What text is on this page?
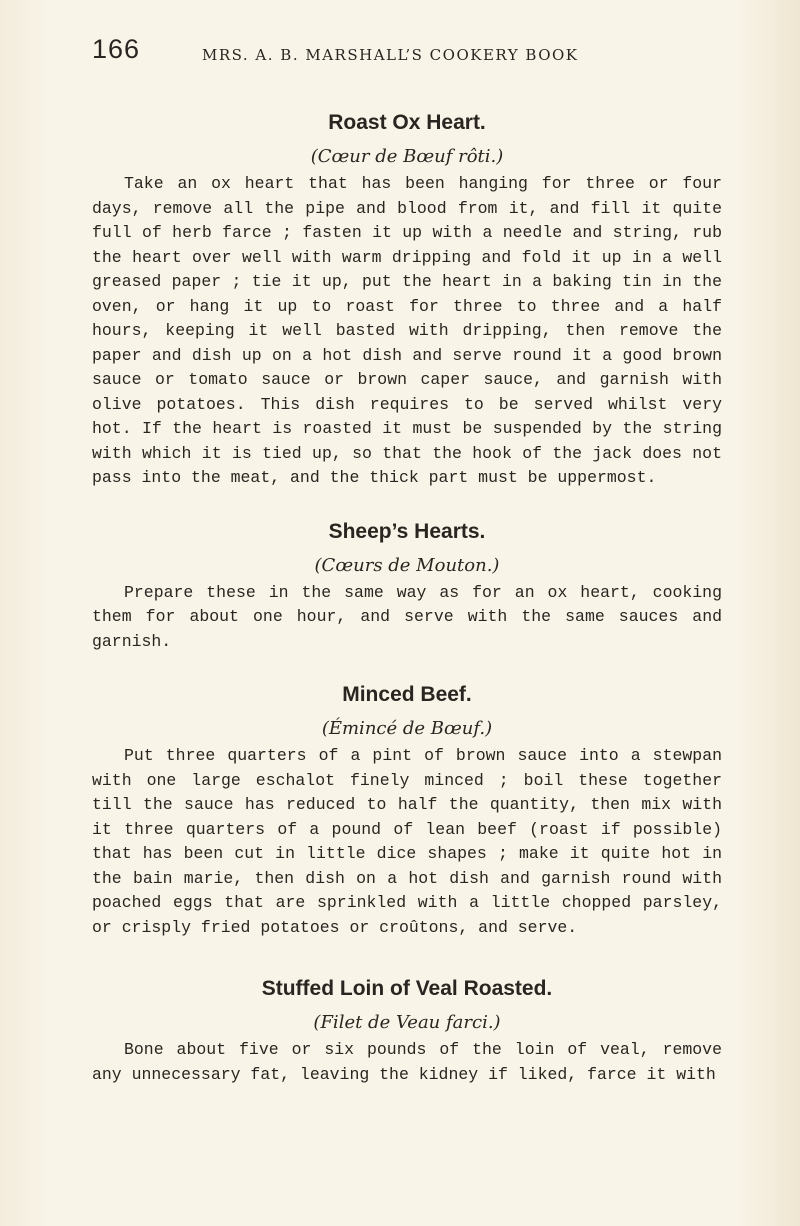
166	MRS. A. B. MARSHALL’S COOKERY BOOK
Roast Ox Heart.
(Cœur de Bœuf rôti.)

Take an ox heart that has been hanging for three or four days, remove all the pipe and blood from it, and fill it quite full of herb farce ; fasten it up with a needle and string, rub the heart over well with warm dripping and fold it up in a well greased paper ; tie it up, put the heart in a baking tin in the oven, or hang it up to roast for three to three and a half hours, keeping it well basted with dripping, then remove the paper and dish up on a hot dish and serve round it a good brown sauce or tomato sauce or brown caper sauce, and garnish with olive potatoes. This dish requires to be served whilst very hot. If the heart is roasted it must be suspended by the string with which it is tied up, so that the hook of the jack does not pass into the meat, and the thick part must be uppermost.

Sheep’s Hearts.
(Cœurs de Mouton.)

Prepare these in the same way as for an ox heart, cooking them for about one hour, and serve with the same sauces and garnish.

Minced Beef.
(Émincé de Bœuf.)

Put three quarters of a pint of brown sauce into a stewpan with one large eschalot finely minced ; boil these together till the sauce has reduced to half the quantity, then mix with it three quarters of a pound of lean beef (roast if possible) that has been cut in little dice shapes ; make it quite hot in the bain marie, then dish on a hot dish and garnish round with poached eggs that are sprinkled with a little chopped parsley, or crisply fried potatoes or croûtons, and serve.

Stuffed Loin of Veal Roasted.
(Filet de Veau farci.)

Bone about five or six pounds of the loin of veal, remove any unnecessary fat, leaving the kidney if liked, farce it with
